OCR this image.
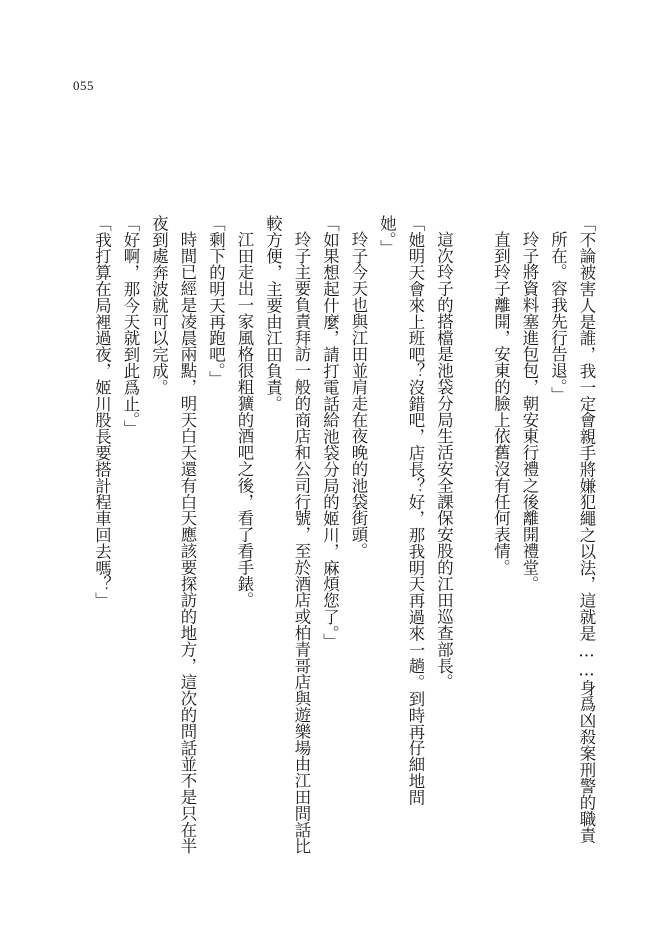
055

「不論被害人是誰，我一定會親手將嫌犯繩之以法，這就是……身爲凶殺案刑警的職責

所在。容我先行告退。」

玲子將資料塞進包包，朝安東行禮之後離開禮堂。

直到玲子離開，安東的臉上依舊沒有任何表情。

這次玲子的搭檔是池袋分局生活安全課保安股的江田巡查部長。

「她明天會來上班吧？沒錯吧，店長？好，那我明天再過來一趟。到時再仔細地問

她。」

玲子今天也與江田並肩走在夜晚的池袋街頭。

「如果想起什麼，請打電話給池袋分局的姬川，麻煩您了。」

玲子主要負責拜訪一般的商店和公司行號，至於酒店或柏青哥店與遊樂場由江田問話比

較方便，主要由江田負責。

江田走出一家風格很粗獷的酒吧之後，看了看手錶。

「剩下的明天再跑吧。」

時間已經是凌晨兩點，明天白天還有白天應該要探訪的地方，這次的問話並不是只在半

夜到處奔波就可以完成。

「好啊，那今天就到此爲止。」

「我打算在局裡過夜，姬川股長要搭計程車回去嗎？」
